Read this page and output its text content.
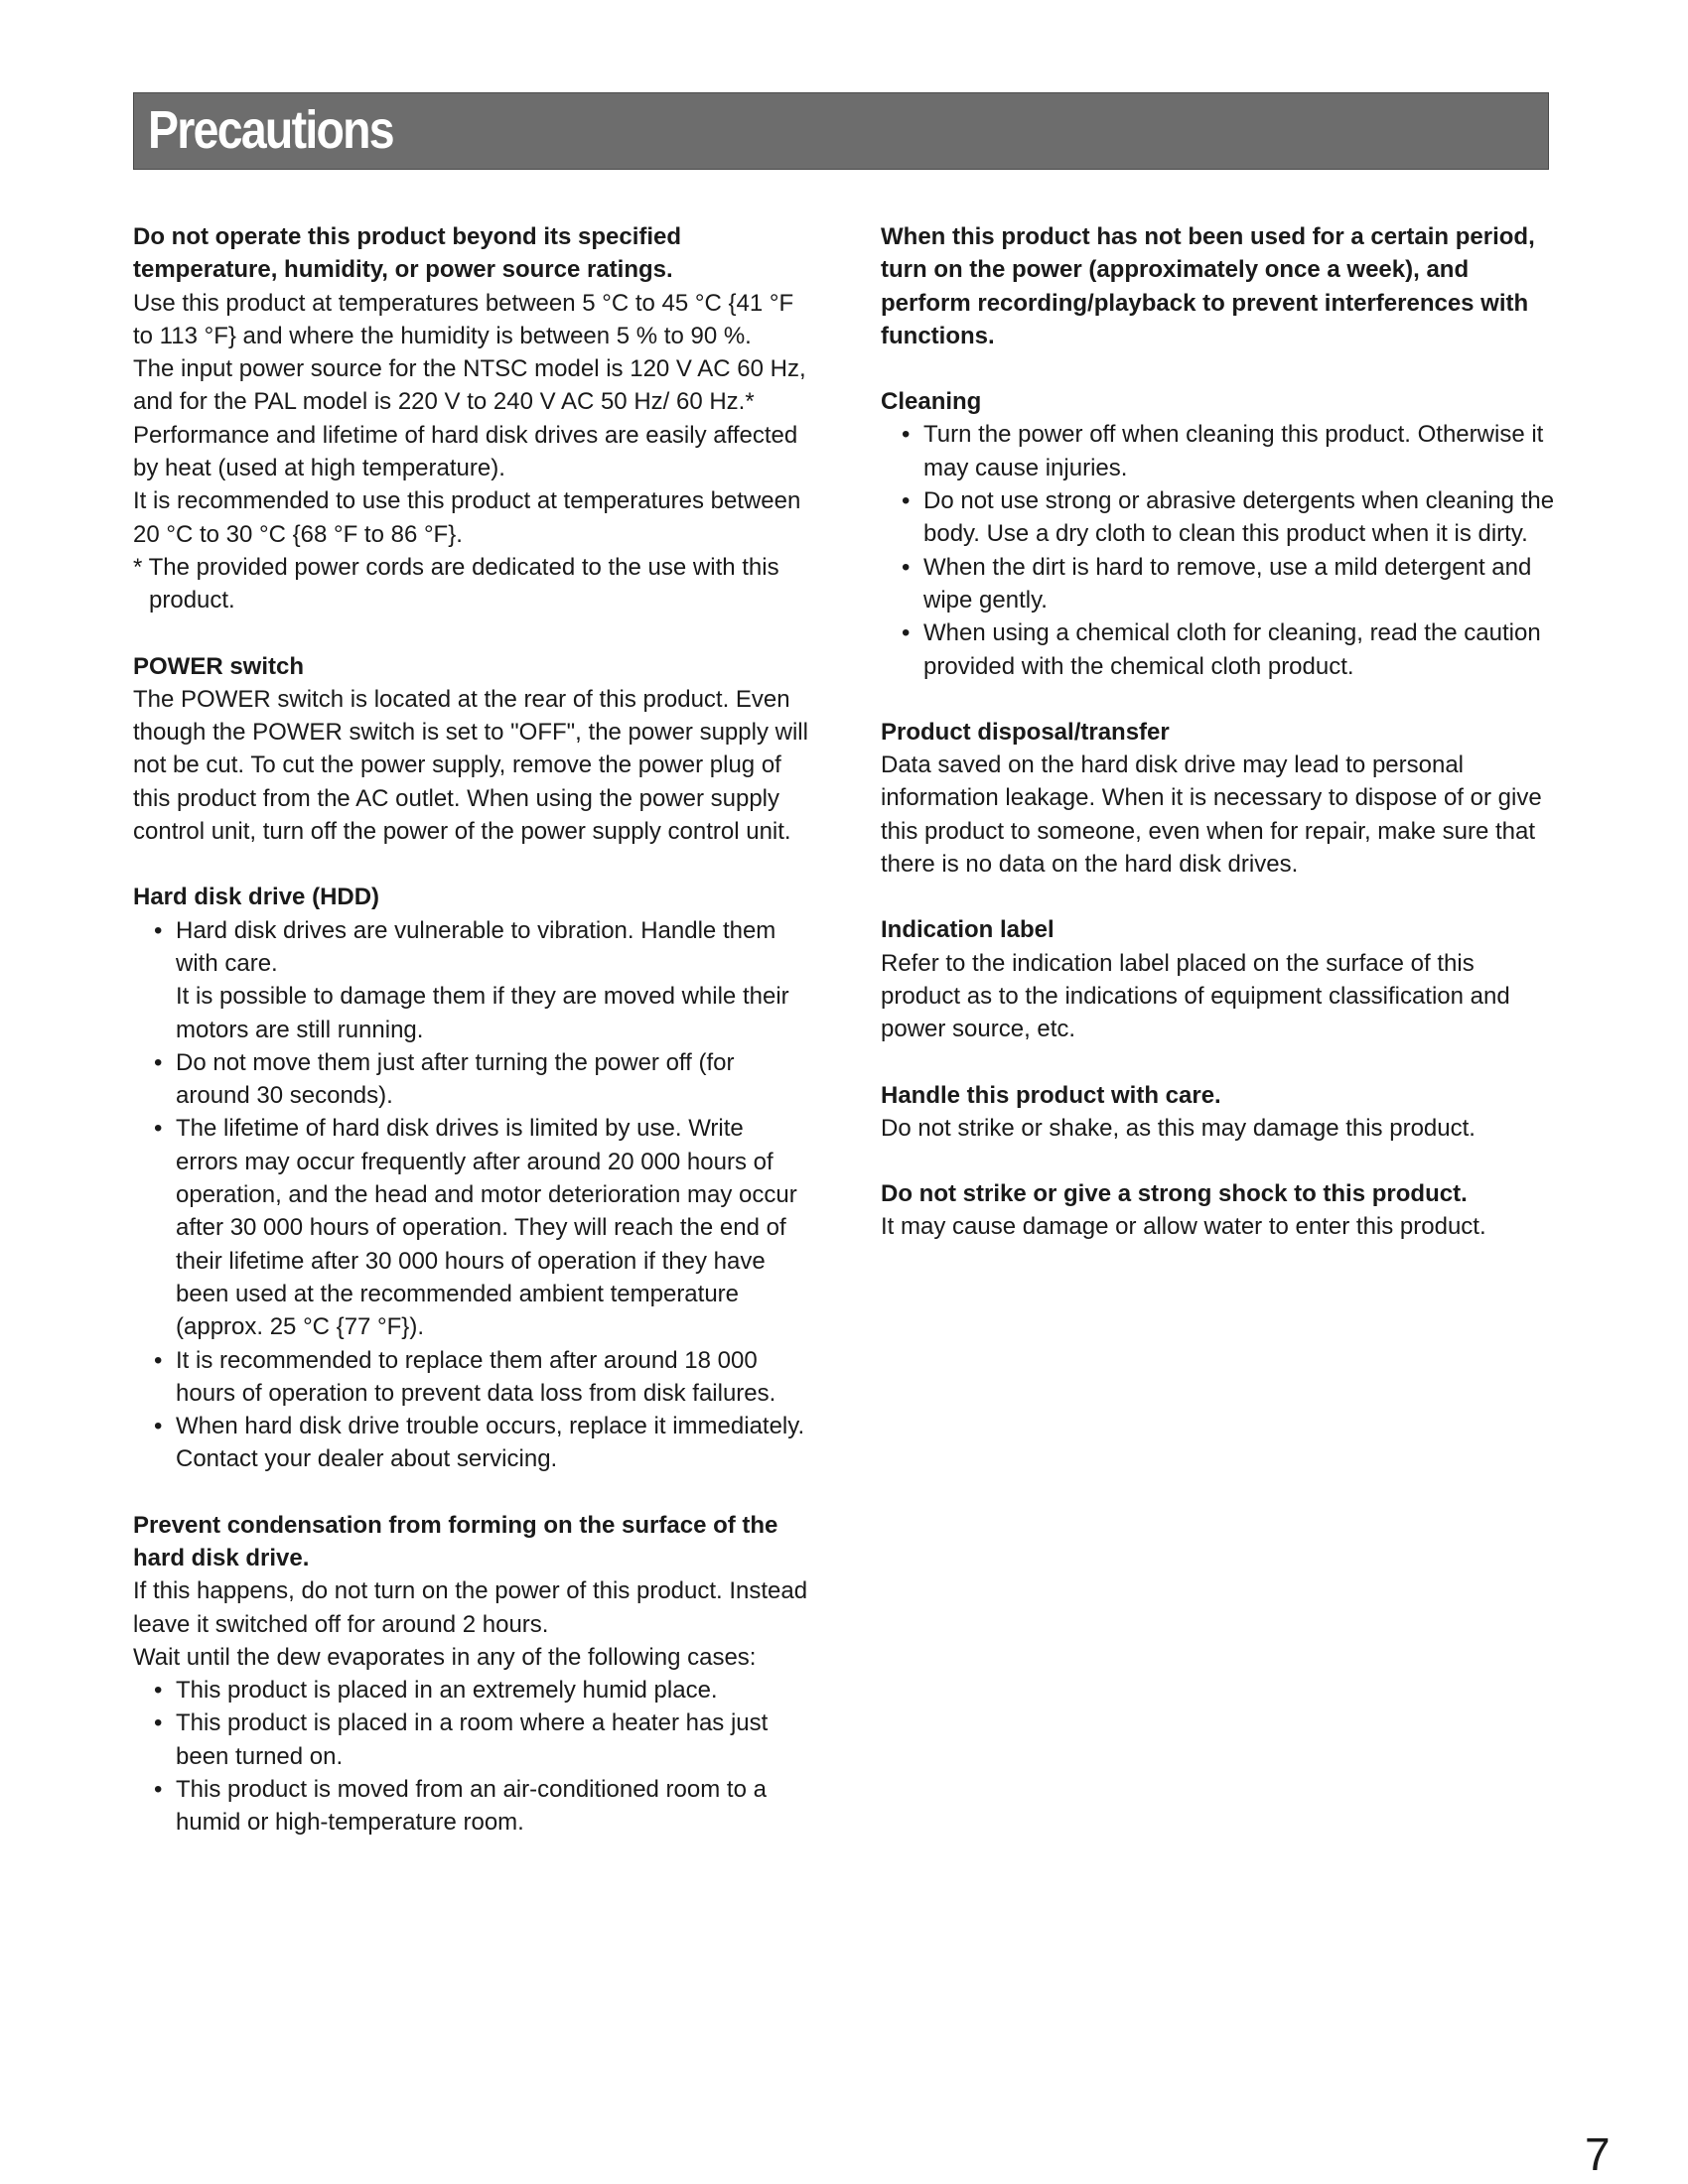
Precautions

Do not operate this product beyond its specified temperature, humidity, or power source ratings.

Use this product at temperatures between 5 °C to 45 °C {41 °F to 113 °F} and where the humidity is between 5 % to 90 %.

The input power source for the NTSC model is 120 V AC 60 Hz, and for the PAL model is 220 V to 240 V AC 50 Hz/ 60 Hz.*

Performance and lifetime of hard disk drives are easily affected by heat (used at high temperature).

It is recommended to use this product at temperatures between 20 °C to 30 °C {68 °F to 86 °F}.

* The provided power cords are dedicated to the use with this product.

POWER switch

The POWER switch is located at the rear of this product. Even though the POWER switch is set to "OFF", the power supply will not be cut. To cut the power supply, remove the power plug of this product from the AC outlet. When using the power supply control unit, turn off the power of the power supply control unit.

Hard disk drive (HDD)

• Hard disk drives are vulnerable to vibration. Handle them with care.
It is possible to damage them if they are moved while their motors are still running.
• Do not move them just after turning the power off (for around 30 seconds).
• The lifetime of hard disk drives is limited by use. Write errors may occur frequently after around 20 000 hours of operation, and the head and motor deterioration may occur after 30 000 hours of operation. They will reach the end of their lifetime after 30 000 hours of operation if they have been used at the recommended ambient temperature (approx. 25 °C {77 °F}).
• It is recommended to replace them after around 18 000 hours of operation to prevent data loss from disk failures.
• When hard disk drive trouble occurs, replace it immediately.
Contact your dealer about servicing.

Prevent condensation from forming on the surface of the hard disk drive.

If this happens, do not turn on the power of this product. Instead leave it switched off for around 2 hours.

Wait until the dew evaporates in any of the following cases:

• This product is placed in an extremely humid place.
• This product is placed in a room where a heater has just been turned on.
• This product is moved from an air-conditioned room to a humid or high-temperature room.

When this product has not been used for a certain period, turn on the power (approximately once a week), and perform recording/playback to prevent interferences with functions.

Cleaning

• Turn the power off when cleaning this product. Otherwise it may cause injuries.
• Do not use strong or abrasive detergents when cleaning the body. Use a dry cloth to clean this product when it is dirty.
• When the dirt is hard to remove, use a mild detergent and wipe gently.
• When using a chemical cloth for cleaning, read the caution provided with the chemical cloth product.

Product disposal/transfer

Data saved on the hard disk drive may lead to personal information leakage. When it is necessary to dispose of or give this product to someone, even when for repair, make sure that there is no data on the hard disk drives.

Indication label

Refer to the indication label placed on the surface of this product as to the indications of equipment classification and power source, etc.

Handle this product with care.

Do not strike or shake, as this may damage this product.

Do not strike or give a strong shock to this product.

It may cause damage or allow water to enter this product.

7
